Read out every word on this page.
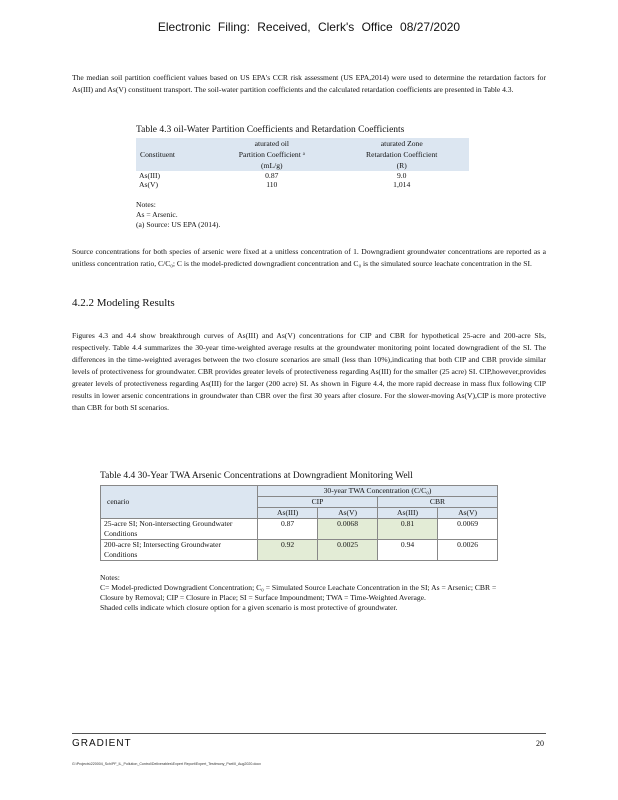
Electronic Filing: Received, Clerk's Office 08/27/2020
The median soil partition coefficient values based on US EPA's CCR risk assessment (US EPA,2014) were used to determine the retardation factors for As(III) and As(V) constituent transport. The soil-water partition coefficients and the calculated retardation coefficients are presented in Table 4.3.
Table 4.3 oil-Water Partition Coefficients and Retardation Coefficients
Constituent	aturated oil	aturated Zone
	Partition Coefficient ᵃ	Retardation Coefficient
	(mL/g)	(R)
As(III)	0.87	9.0
As(V)	110	1,014
Notes:
As = Arsenic.
(a) Source: US EPA (2014).
Source concentrations for both species of arsenic were fixed at a unitless concentration of 1. Downgradient groundwater concentrations are reported as a unitless concentration ratio, C/C₀; C is the model-predicted downgradient concentration and C₀ is the simulated source leachate concentration in the SI.
4.2.2 Modeling Results
Figures 4.3 and 4.4 show breakthrough curves of As(III) and As(V) concentrations for CIP and CBR for hypothetical 25-acre and 200-acre SIs, respectively. Table 4.4 summarizes the 30-year time-weighted average results at the groundwater monitoring point located downgradient of the SI. The differences in the time-weighted averages between the two closure scenarios are small (less than 10%),indicating that both CIP and CBR provide similar levels of protectiveness for groundwater. CBR provides greater levels of protectiveness regarding As(III) for the smaller (25 acre) SI. CIP,however,provides greater levels of protectiveness regarding As(III) for the larger (200 acre) SI. As shown in Figure 4.4, the more rapid decrease in mass flux following CIP results in lower arsenic concentrations in groundwater than CBR over the first 30 years after closure. For the slower-moving As(V),CIP is more protective than CBR for both SI scenarios.
Table 4.4 30-Year TWA Arsenic Concentrations at Downgradient Monitoring Well
cenario	30-year TWA Concentration (C/C₀)			
	CIP		CBR	
	As(III)	As(V)	As(III)	As(V)
25-acre SI; Non-intersecting Groundwater Conditions	0.87	0.0068	0.81	0.0069
200-acre SI; Intersecting Groundwater Conditions	0.92	0.0025	0.94	0.0026
Notes:
C= Model-predicted Downgradient Concentration; C₀ = Simulated Source Leachate Concentration in the SI; As = Arsenic; CBR = Closure by Removal; CIP = Closure in Place; SI = Surface Impoundment; TWA = Time-Weighted Average.
Shaded cells indicate which closure option for a given scenario is most protective of groundwater.
GRADIENT	20
G:\Projects\220004_Sch\PF_IL_Pollution_Control\Deliverables\Expert Report\Expert_Testimony_Part\II_Aug2020.docx
